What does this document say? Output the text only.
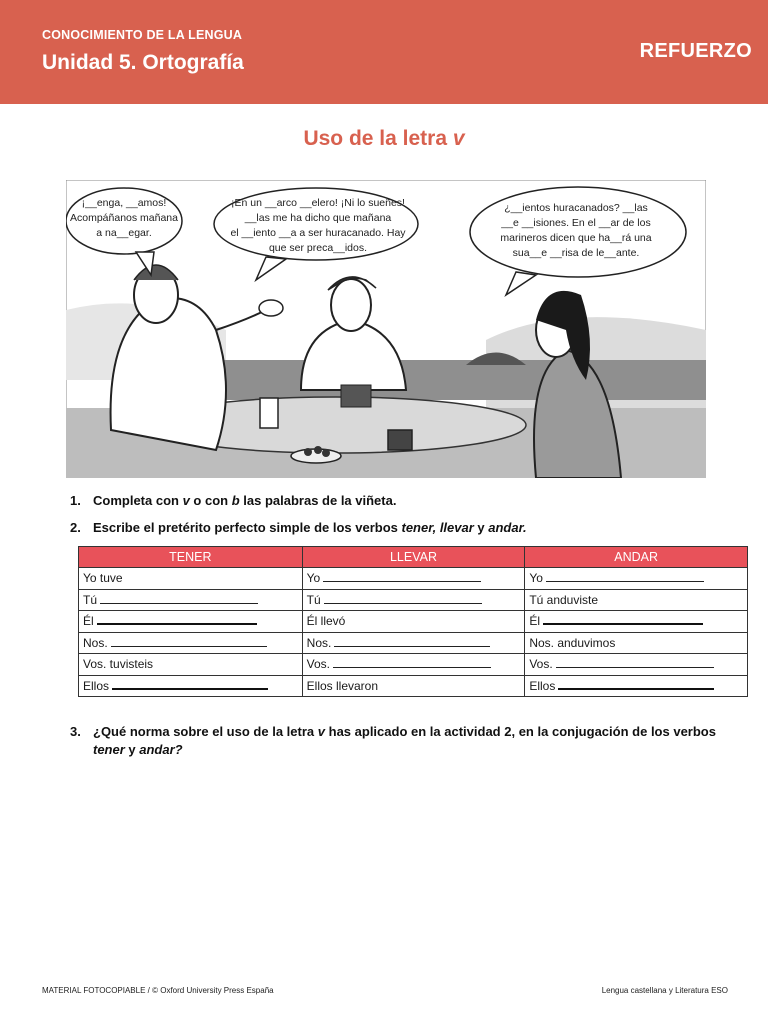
CONOCIMIENTO DE LA LENGUA
Unidad 5. Ortografía	REFUERZO
Uso de la letra v
¡__enga, __amos!
Acompáñanos mañana
a na__egar.
¡En un __arco __elero! ¡Ni lo sueñes!
__las me ha dicho que mañana
el __iento __a a ser huracanado. Hay
que ser preca__idos.
¿__ientos huracanados? __las
__e __isiones. En el __ar de los
marineros dicen que ha__rá una
sua__e __risa de le__ante.
1. Completa con v o con b las palabras de la viñeta.
2. Escribe el pretérito perfecto simple de los verbos tener, llevar y andar.
TENER	LLEVAR	ANDAR
Yo tuve	Yo	Yo
Tú	Tú	Tú anduviste
Él	Él llevó	Él
Nos.	Nos.	Nos. anduvimos
Vos. tuvisteis	Vos.	Vos.
Ellos	Ellos llevaron	Ellos
3. ¿Qué norma sobre el uso de la letra v has aplicado en la actividad 2, en la conjugación de los verbos tener y andar?
MATERIAL FOTOCOPIABLE / © Oxford University Press España	Lengua castellana y Literatura ESO
